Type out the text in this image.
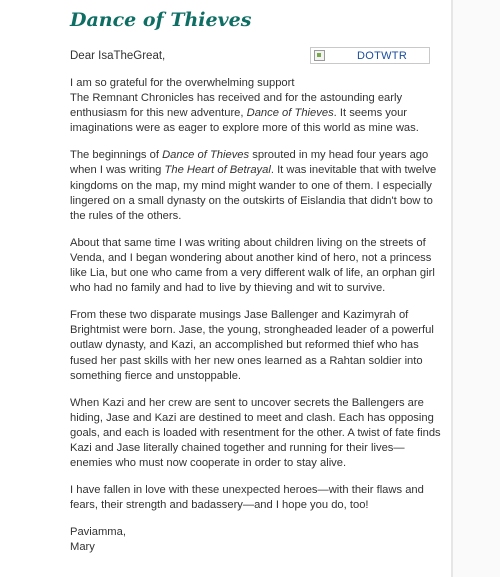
Dance of Thieves
Dear IsaTheGreat,	DOTWTR

I am so grateful for the overwhelming support
The Remnant Chronicles has received and for the astounding early enthusiasm for this new adventure, Dance of Thieves. It seems your imaginations were as eager to explore more of this world as mine was.

The beginnings of Dance of Thieves sprouted in my head four years ago when I was writing The Heart of Betrayal. It was inevitable that with twelve kingdoms on the map, my mind might wander to one of them. I especially lingered on a small dynasty on the outskirts of Eislandia that didn't bow to the rules of the others.

About that same time I was writing about children living on the streets of Venda, and I began wondering about another kind of hero, not a princess like Lia, but one who came from a very different walk of life, an orphan girl who had no family and had to live by thieving and wit to survive.

From these two disparate musings Jase Ballenger and Kazimyrah of Brightmist were born. Jase, the young, strongheaded leader of a powerful outlaw dynasty, and Kazi, an accomplished but reformed thief who has fused her past skills with her new ones learned as a Rahtan soldier into something fierce and unstoppable.

When Kazi and her crew are sent to uncover secrets the Ballengers are hiding, Jase and Kazi are destined to meet and clash. Each has opposing goals, and each is loaded with resentment for the other. A twist of fate finds Kazi and Jase literally chained together and running for their lives—enemies who must now cooperate in order to stay alive.

I have fallen in love with these unexpected heroes—with their flaws and fears, their strength and badassery—and I hope you do, too!

Paviamma,
Mary
